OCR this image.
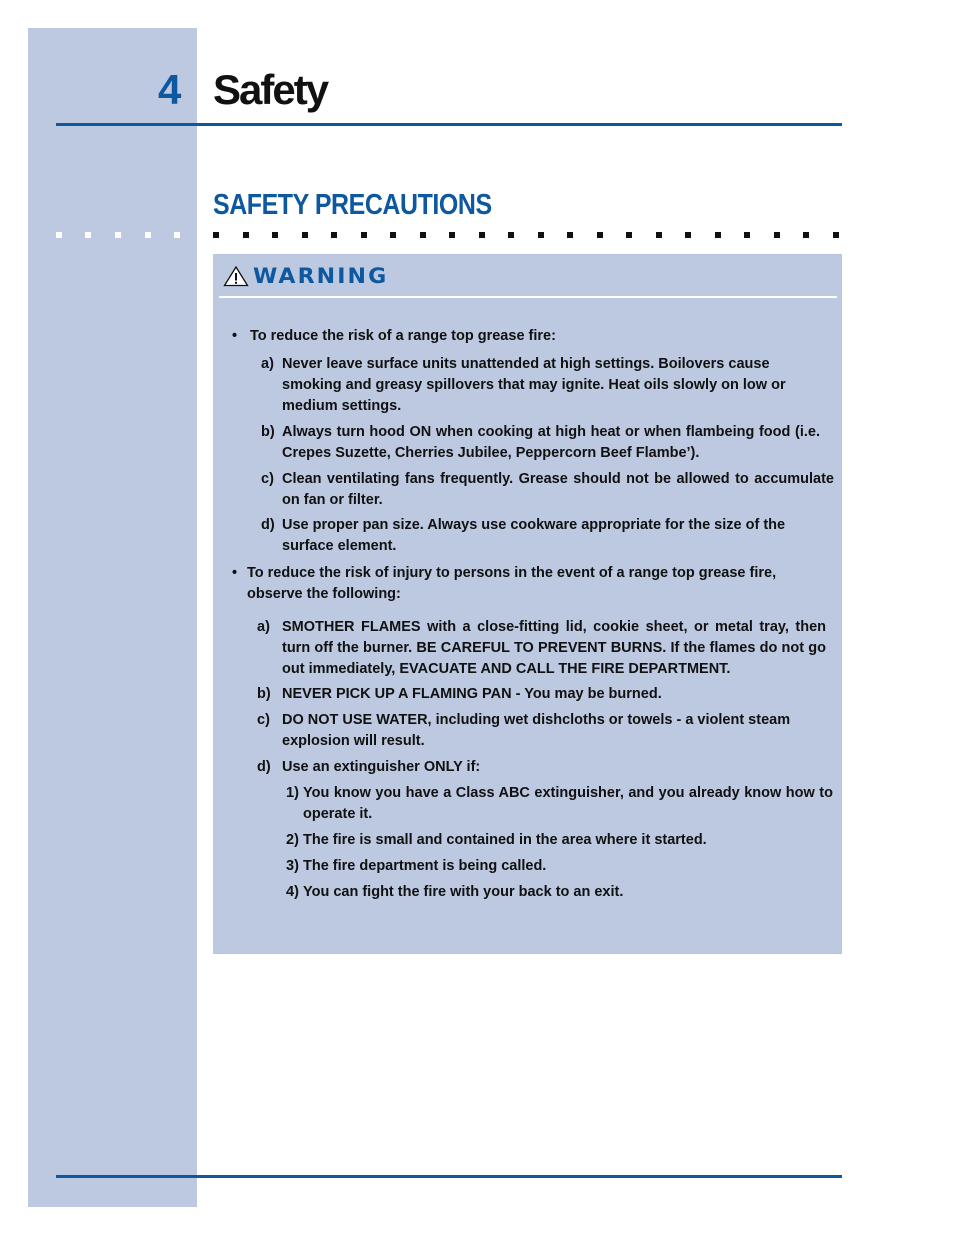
4 Safety
SAFETY PRECAUTIONS
WARNING
• To reduce the risk of a range top grease fire:
a) Never leave surface units unattended at high settings. Boilovers cause smoking and greasy spillovers that may ignite. Heat oils slowly on low or medium settings.
b) Always turn hood ON when cooking at high heat or when flambeing food (i.e. Crepes Suzette, Cherries Jubilee, Peppercorn Beef Flambe’).
c) Clean ventilating fans frequently. Grease should not be allowed to accumulate on fan or filter.
d) Use proper pan size. Always use cookware appropriate for the size of the surface element.
• To reduce the risk of injury to persons in the event of a range top grease fire, observe the following:
a) SMOTHER FLAMES with a close-fitting lid, cookie sheet, or metal tray, then turn off the burner. BE CAREFUL TO PREVENT BURNS. If the flames do not go out immediately, EVACUATE AND CALL THE FIRE DEPARTMENT.
b) NEVER PICK UP A FLAMING PAN - You may be burned.
c) DO NOT USE WATER, including wet dishcloths or towels - a violent steam explosion will result.
d) Use an extinguisher ONLY if:
1) You know you have a Class ABC extinguisher, and you already know how to operate it.
2) The fire is small and contained in the area where it started.
3) The fire department is being called.
4) You can fight the fire with your back to an exit.
